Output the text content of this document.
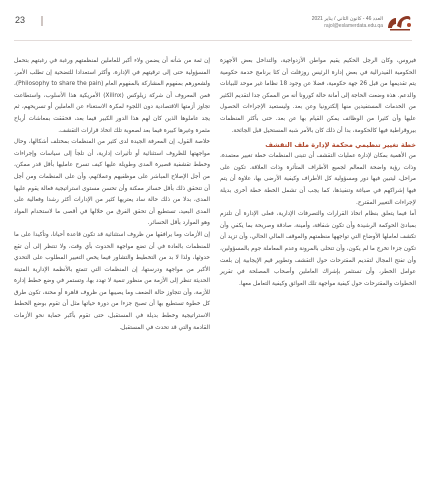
23	العدد 46 - كانون الثاني / يناير 2021
rajol@eslamerdata.edu.qa

فيروس، وكان الرجل الحكيم يقيم مواطن الأزدواجية، والتداخل بعض الأجهزة الحكومية الفيدرالية في بعض إدارة الرئيس روزفلت أن كثا برنامج خدمة حكومية يتم تقديمها من قبل 26 جهة حكومية، فضلا عن وجود 18 نظاما غير موحد للبيانات والدعم. هذه وضعت الحاجة إلى أمانة حالة كورونا أنه من الممكن جدا لتقديم الكثير من الخدمات المستفيدين منها إلكترونيا وعن بعد. وليستعيد الإجراءات الحصول عليها وأن كثيرا من الوظائف يمكن القيام بها عن بعد. حتى بأكثر المنظمات بيروقراطية فيها كالحكومة، بدا أن ذلك كان بالأمر شبه المستحيل قبل الجائحة.

خطة تغيير تنظيمي محكمة لإدارة ملف التقشف

من الأهمية بمكان لإدارة عمليات التقشف أن تتبنى المنظمات خطة تغيير معتمدة، وذات رؤية واضحة المعالم لجميع الأطراف المتأثرة وذات العلاقة. تكون على مراحل، ليتبين فيها دور ومسؤولية كل الأطراف وكيفية الأرضى بها، علاوة أن يتم فيها إشراكهم في صياغة وتنفيذها، كما يجب أن تشمل الخطة خطة أخرى بديلة لإجراءات التغيير المقترح.

أما فيما يتعلق بنظام اتخاذ القرارات والتصرفات الإدارية، فعلى الإدارة أن تلتزم بمبادئ الحوكمة الرشيدة وأن تكون شفافة، وأمينة، صادقة وصريحة بما يكفي وأن تكشف لعاملها الأوضاع التي تواجهها منظمتهم والموقف المالي الحالي، وأن تزيد أن تكون جزءا تخرج ما لم يكون، وأن تتحلى بالمرونة وعدم المعاملة جوم بالمسؤولين، وأن تفتح المجال لتقديم المقترحات حول التقشف وتطوير قيم الإيجابية إن بلغت عوامل الخطر، وأن تستثمر بإشراك العاملين وأصحاب المصلحة في تقرير الخطوات والمقترحات حول كيفية مواجهة تلك العوائق وكيفية التعامل معها.

إن ثمة من شأنه أن يضمن ولاء أكبر للعاملين لمنظمتهم ورغبة في رغبتهم بتحمل المسؤولية حتى إلى ترقيتهم في الإدارة، وأكثر استعدادا للتضحية إن تطلب الأمر، ولشعورهم بمفهوم المشاركة بالمفهوم العام (Philosophy to share the pain)، فمن المعروف أن شركة زيلوكس (Xilinx) الأمريكية هذا الأسلوب، واستطاعت تجاوز أزمتها الاقتصادية دون اللجوء لمكرة الاستغناء عن العاملين أو تسريحهم، ثم يجد عاملوها الذين كان لهم هذا الدور الكبير فيما بعد، فحققت بمعاشات أرباح مثمرة وغيرها كبيرة فيما بعد لصعوبة تلك اتخاذ قرارات التقشف.

خلاصة القول، إن المعرفة الجيدة لدى كثير من المنظمات بمختلف أشكالها، وحال مواجهتها للظروف استثنائية أو تأثيرات إدارية، أن تلجأ إلى سياسات وإجراءات وخطط تقشفية قصيرة المدى وطويلة عليها كيف تسرح عامليها بأقل قدر ممكن، من أجل الإصلاح المباشر على موظفيهم وعملائهم، وأن على المنظمات ومن أجل أن تتحقق ذلك بأقل خسائر ممكنة وأن تحسن مستوى استراتيجية فعالة يقوم عليها المدى، بدلا من ذلك حالة ساد يعتريها كثير من الإدارات أكثر رشدا وفعالية على المدى البعيد، تستطيع أن تحقق الفرق من خلالها في أقصى ما لاستخدام المواد وهو الموارد بأقل الخسائر.

إن الأزمات وما يرافقها من ظروف استثنائية قد تكون قاعدة أحيانا، وتأكيدا على ما للمنظمات بالعادة في أن تضع مواجهة الحدوث بأي وقت، ولا تنتظر إلى أن تقع حدوثها، ولذا لا بد من التخطيط والتشاور فيما يخص التغيير المطلوب على التحدي الأكبر من مواجهة ودرستها، إن المنظمات التي تتمتع بالأنظمة الإدارية المتينة الحديثة تنظر إلى الأزمة من منظور تنمية لا تهدد بها، وتستمر في وضع خطط إدارة للأزمة، وأن تتجاوز حالة الضعف وما يصيبها من ظروف قاهرة أو محنة، تكون طرق كل خطوة تستطيع بها أن تصبح جزءا من دورة حياتها مثل أن تقوم بوضع الخطط الاستراتيجية وخطط بديلة في المستقبل، حتى تقوم بأكبر حماية نحو الأزمات القادمة والتي قد تحدث في المستقبل.
